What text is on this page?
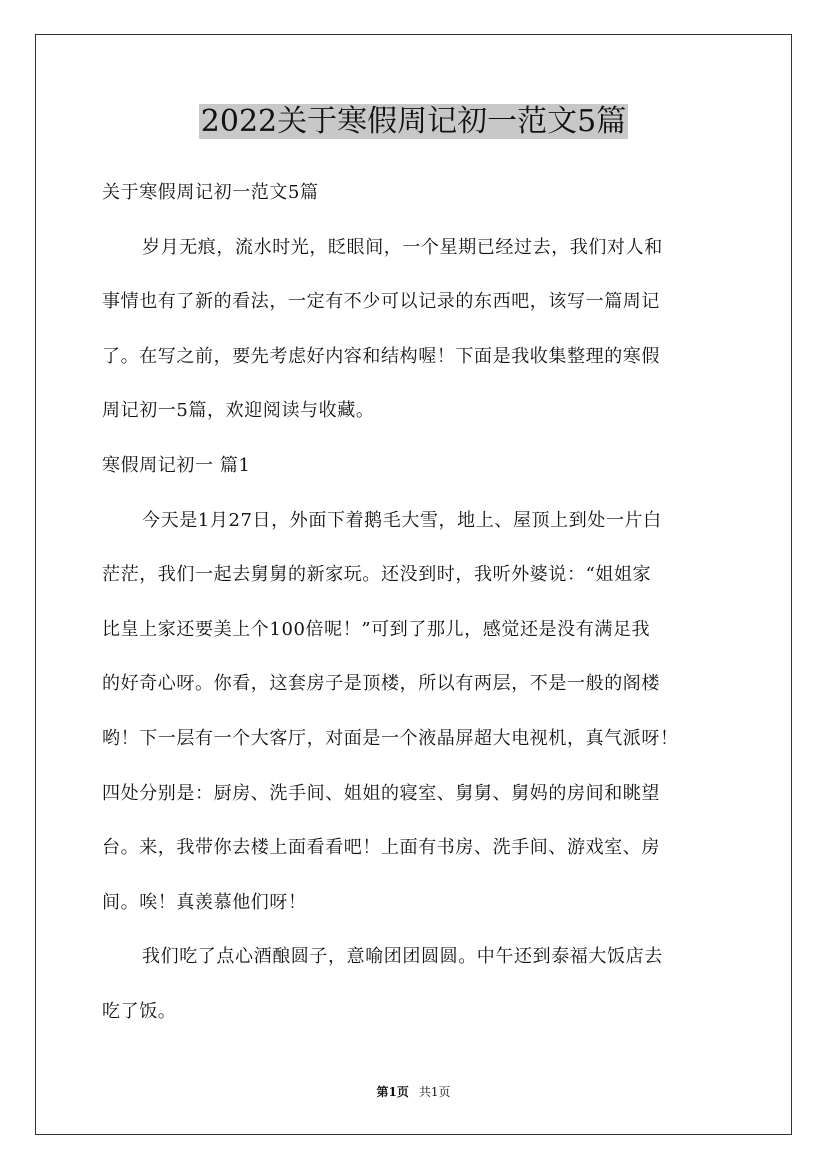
2022关于寒假周记初一范文5篇

关于寒假周记初一范文5篇

岁月无痕，流水时光，眨眼间，一个星期已经过去，我们对人和

事情也有了新的看法，一定有不少可以记录的东西吧，该写一篇周记

了。在写之前，要先考虑好内容和结构喔！下面是我收集整理的寒假

周记初一5篇，欢迎阅读与收藏。

寒假周记初一 篇1

今天是1月27日，外面下着鹅毛大雪，地上、屋顶上到处一片白

茫茫，我们一起去舅舅的新家玩。还没到时，我听外婆说：“姐姐家

比皇上家还要美上个100倍呢！”可到了那儿，感觉还是没有满足我

的好奇心呀。你看，这套房子是顶楼，所以有两层，不是一般的阁楼

哟！下一层有一个大客厅，对面是一个液晶屏超大电视机，真气派呀！

四处分别是：厨房、洗手间、姐姐的寝室、舅舅、舅妈的房间和眺望

台。来，我带你去楼上面看看吧！上面有书房、洗手间、游戏室、房

间。唉！真羡慕他们呀！

我们吃了点心酒酿圆子，意喻团团圆圆。中午还到泰福大饭店去

吃了饭。

第1页 共1页
